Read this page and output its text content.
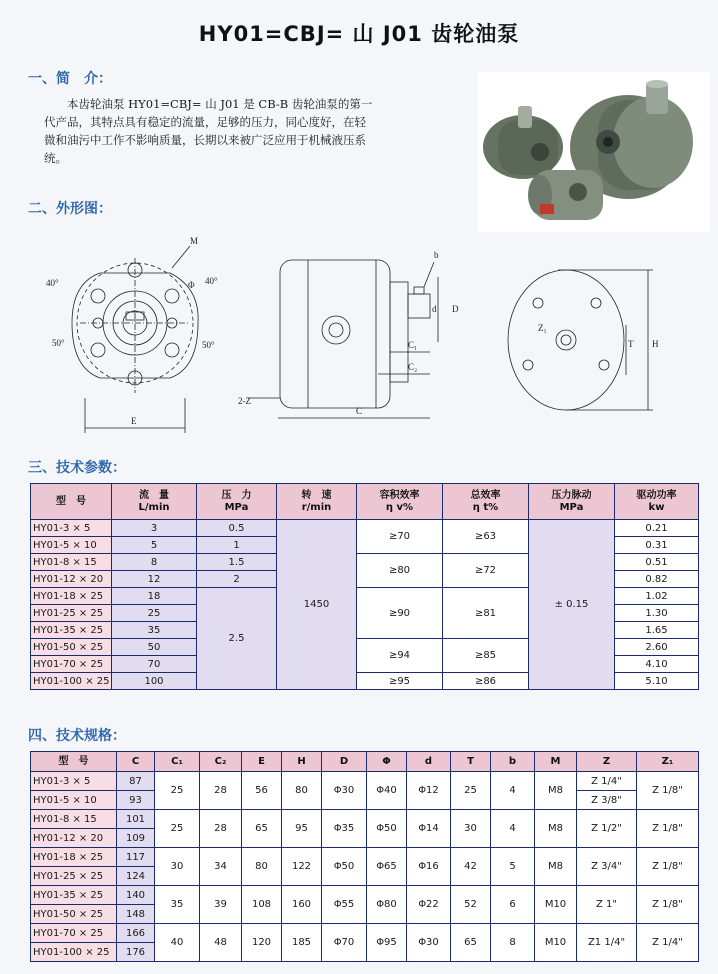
HY01=CBJ= 山 J01 齿轮油泵
一、简　介：
本齿轮油泵 HY01=CBJ= 山 J01 是 CB-B 齿轮油泵的第一代产品，其特点具有稳定的流量，足够的压力，同心度好，在轻微和油污中工作不影响质量，长期以来被广泛应用于机械液压系统。
二、外形图：
M
Φ
40°	40°
50°	50°
E
b
d D
C₁
C₂
C
2-Z
Z₁
T H
三、技术参数：
型　号	流　量
L/min	压　力
MPa	转　速
r/min	容积效率
η v%	总效率
η t%	压力脉动
MPa	驱动功率
kw
HY01-3 × 5	3	0.5	1450	≥70	≥63	± 0.15	0.21
HY01-5 × 10	5	1					0.31
HY01-8 × 15	8	1.5		≥80	≥72		0.51
HY01-12 × 20	12	2					0.82
HY01-18 × 25	18	2.5		≥90	≥81		1.02
HY01-25 × 25	25						1.30
HY01-35 × 25	35						1.65
HY01-50 × 25	50			≥94	≥85		2.60
HY01-70 × 25	70						4.10
HY01-100 × 25	100			≥95	≥86		5.10
四、技术规格：
型　号	C	C₁	C₂	E	H	D	Φ	d	T	b	M	Z	Z₁
HY01-3 × 5	87	25	28	56	80	Φ30	Φ40	Φ12	25	4	M8	Z 1/4"	Z 1/8"
HY01-5 × 10	93											Z 3/8"	
HY01-8 × 15	101	25	28	65	95	Φ35	Φ50	Φ14	30	4	M8	Z 1/2"	Z 1/8"
HY01-12 × 20	109												
HY01-18 × 25	117	30	34	80	122	Φ50	Φ65	Φ16	42	5	M8	Z 3/4"	Z 1/8"
HY01-25 × 25	124												
HY01-35 × 25	140	35	39	108	160	Φ55	Φ80	Φ22	52	6	M10	Z 1"	Z 1/8"
HY01-50 × 25	148												
HY01-70 × 25	166	40	48	120	185	Φ70	Φ95	Φ30	65	8	M10	Z1 1/4"	Z 1/4"
HY01-100 × 25	176												
